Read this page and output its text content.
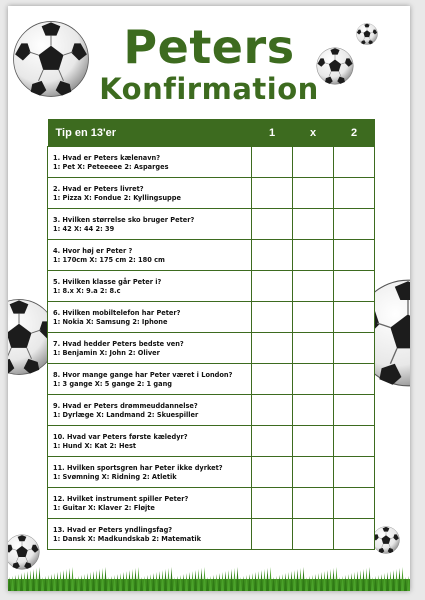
Peters
Konfirmation
Tip en 13'er	1	x	2

1. Hvad er Peters kælenavn?
1: Pet X: Peteeeee 2: Asparges			

2. Hvad er Peters livret?
1: Pizza X: Fondue 2: Kyllingsuppe			

3. Hvilken størrelse sko bruger Peter?
1: 42 X: 44 2: 39			

4. Hvor høj er Peter ?
1: 170cm X: 175 cm 2: 180 cm			

5. Hvilken klasse går Peter i?
1: 8.x X: 9.a 2: 8.c			

6. Hvilken mobiltelefon har Peter?
1: Nokia X: Samsung 2: Iphone			

7. Hvad hedder Peters bedste ven?
1: Benjamin X: John 2: Oliver			

8. Hvor mange gange har Peter været i London?
1: 3 gange X: 5 gange 2: 1 gang			

9. Hvad er Peters drømmeuddannelse?
1: Dyrlæge X: Landmand 2: Skuespiller			

10. Hvad var Peters første kæledyr?
1: Hund X: Kat 2: Hest			

11. Hvilken sportsgren har Peter ikke dyrket?
1: Svømning X: Ridning 2: Atletik			

12. Hvilket instrument spiller Peter?
1: Guitar X: Klaver 2: Fløjte			

13. Hvad er Peters yndlingsfag?
1: Dansk X: Madkundskab 2: Matematik			
